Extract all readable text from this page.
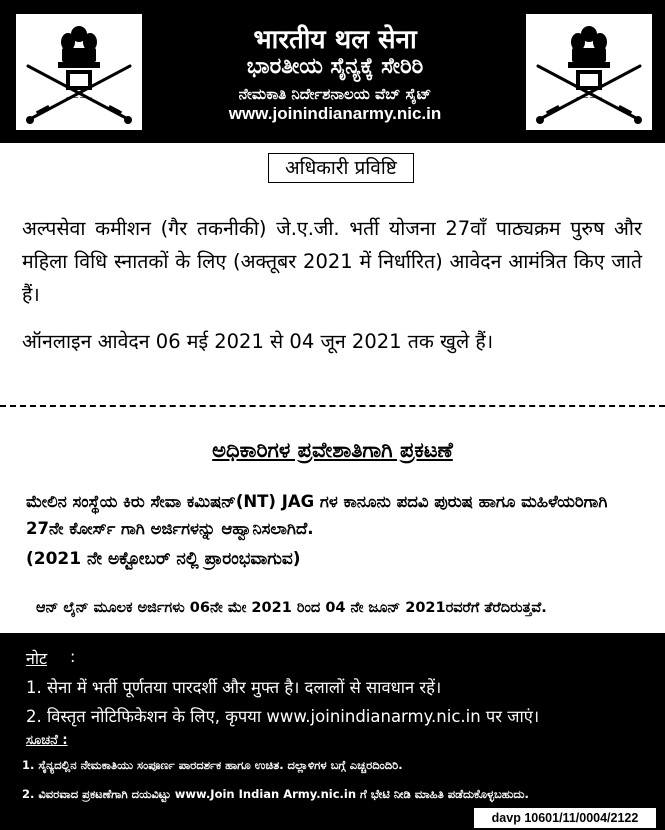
~~~~
भारतीय थल सेना
ಭಾರತೀಯ ಸೈನ್ಯಕ್ಕೆ ಸೇರಿರಿ
ನೇಮಕಾತಿ ನಿರ್ದೇಶನಾಲಯ ವೆಬ್ ಸೈಟ್
www.joinindianarmy.nic.in
~~~~
अधिकारी प्रविष्टि
अल्पसेवा कमीशन (गैर तकनीकी) जे.ए.जी. भर्ती योजना 27वाँ पाठ्यक्रम पुरुष और महिला विधि स्नातकों के लिए (अक्तूबर 2021 में निर्धारित) आवेदन आमंत्रित किए जाते हैं।
ऑनलाइन आवेदन 06 मई 2021 से 04 जून 2021 तक खुले हैं।
ಅಧಿಕಾರಿಗಳ ಪ್ರವೇಶಾತಿಗಾಗಿ ಪ್ರಕಟಣೆ
ಮೇಲಿನ ಸಂಸ್ಥೆಯ ಕಿರು ಸೇವಾ ಕಮಿಷನ್(NT) JAG ಗಳ ಕಾನೂನು ಪದವಿ ಪುರುಷ ಹಾಗೂ ಮಹಿಳೆಯರಿಗಾಗಿ 27ನೇ ಕೋರ್ಸ್ ಗಾಗಿ ಅರ್ಜಿಗಳನ್ನು ಆಹ್ವಾನಿಸಲಾಗಿದೆ.
(2021 ನೇ ಅಕ್ಟೋಬರ್ ನಲ್ಲಿ ಪ್ರಾರಂಭವಾಗುವ)
ಆನ್ ಲೈನ್ ಮೂಲಕ ಅರ್ಜಿಗಳು 06ನೇ ಮೇ 2021 ರಿಂದ 04 ನೇ ಜೂನ್ 2021ರವರೆಗೆ ತೆರೆದಿರುತ್ತವೆ.
नोट :
1. सेना में भर्ती पूर्णतया पारदर्शी और मुफ्त है। दलालों से सावधान रहें।
2. विस्तृत नोटिफिकेशन के लिए, कृपया www.joinindianarmy.nic.in पर जाएं।
ಸೂಚನೆ :
1. ಸೈನ್ಯದಲ್ಲಿನ ನೇಮಕಾತಿಯು ಸಂಪೂರ್ಣ ಪಾರದರ್ಶಕ ಹಾಗೂ ಉಚಿತ. ದಲ್ಲಾಳಿಗಳ ಬಗ್ಗೆ ಎಚ್ಚರದಿಂದಿರಿ.
2. ವಿವರವಾದ ಪ್ರಕಟಣೆಗಾಗಿ ದಯವಿಟ್ಟು www.Join Indian Army.nic.in ಗೆ ಭೇಟಿ ನೀಡಿ ಮಾಹಿತಿ ಪಡೆದುಕೊಳ್ಳಬಹುದು.
davp 10601/11/0004/2122
